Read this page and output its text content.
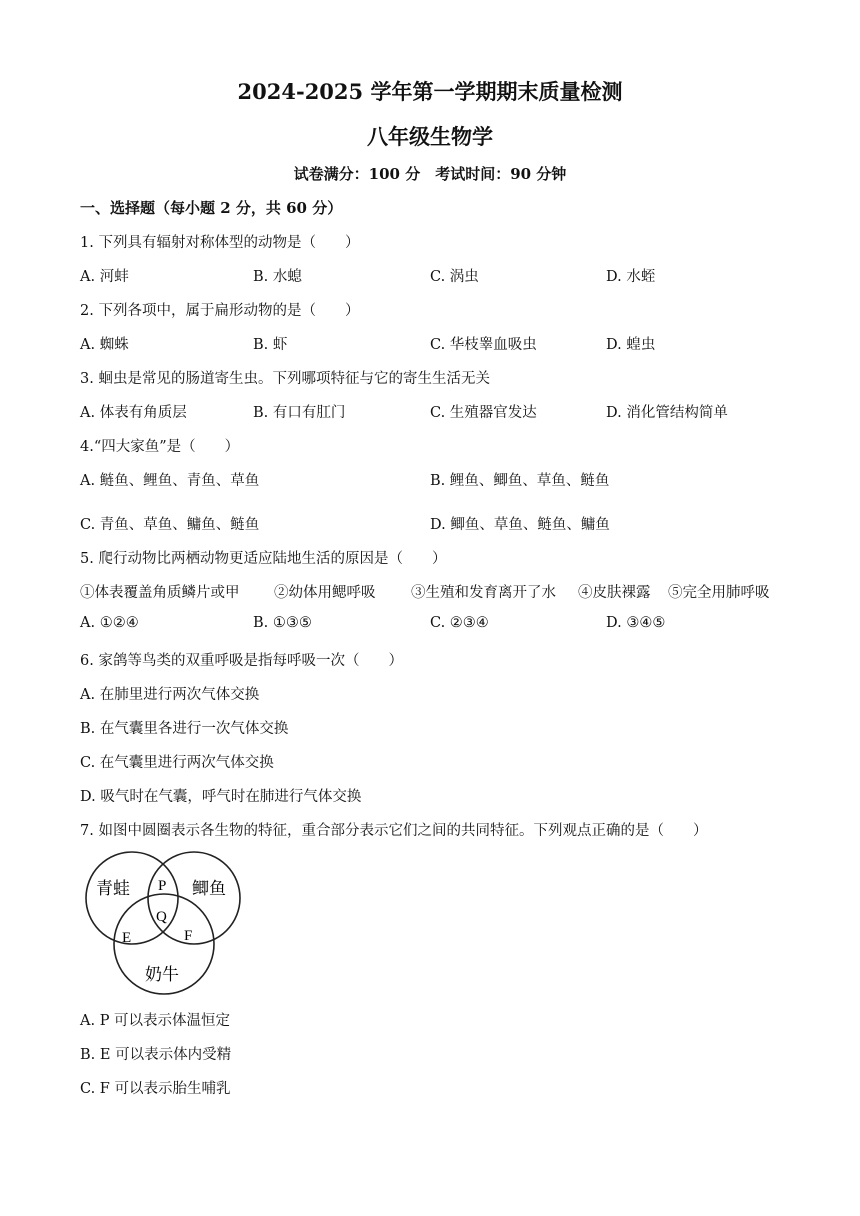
2024-2025 学年第一学期期末质量检测
八年级生物学
试卷满分：100 分　考试时间：90 分钟
一、选择题（每小题 2 分，共 60 分）
1. 下列具有辐射对称体型的动物是（　　）
A. 河蚌	B. 水螅	C. 涡虫	D. 水蛭
2. 下列各项中，属于扁形动物的是（　　）
A. 蜘蛛	B. 虾	C. 华枝睾血吸虫	D. 蝗虫
3. 蛔虫是常见的肠道寄生虫。下列哪项特征与它的寄生生活无关
A. 体表有角质层	B. 有口有肛门	C. 生殖器官发达	D. 消化管结构简单
4.“四大家鱼”是（　　）
A. 鲢鱼、鲤鱼、青鱼、草鱼	B. 鲤鱼、鲫鱼、草鱼、鲢鱼
C. 青鱼、草鱼、鳙鱼、鲢鱼	D. 鲫鱼、草鱼、鲢鱼、鳙鱼
5. 爬行动物比两栖动物更适应陆地生活的原因是（　　）
①体表覆盖角质鳞片或甲 ②幼体用鳃呼吸 ③生殖和发育离开了水 ④皮肤裸露 ⑤完全用肺呼吸
A. ①②④	B. ①③⑤	C. ②③④	D. ③④⑤
6. 家鸽等鸟类的双重呼吸是指每呼吸一次（　　）
A. 在肺里进行两次气体交换
B. 在气囊里各进行一次气体交换
C. 在气囊里进行两次气体交换
D. 吸气时在气囊，呼气时在肺进行气体交换
7. 如图中圆圈表示各生物的特征，重合部分表示它们之间的共同特征。下列观点正确的是（　　）
青蛙	鲫鱼
奶牛
P
Q
E	F
A. P 可以表示体温恒定
B. E 可以表示体内受精
C. F 可以表示胎生哺乳
